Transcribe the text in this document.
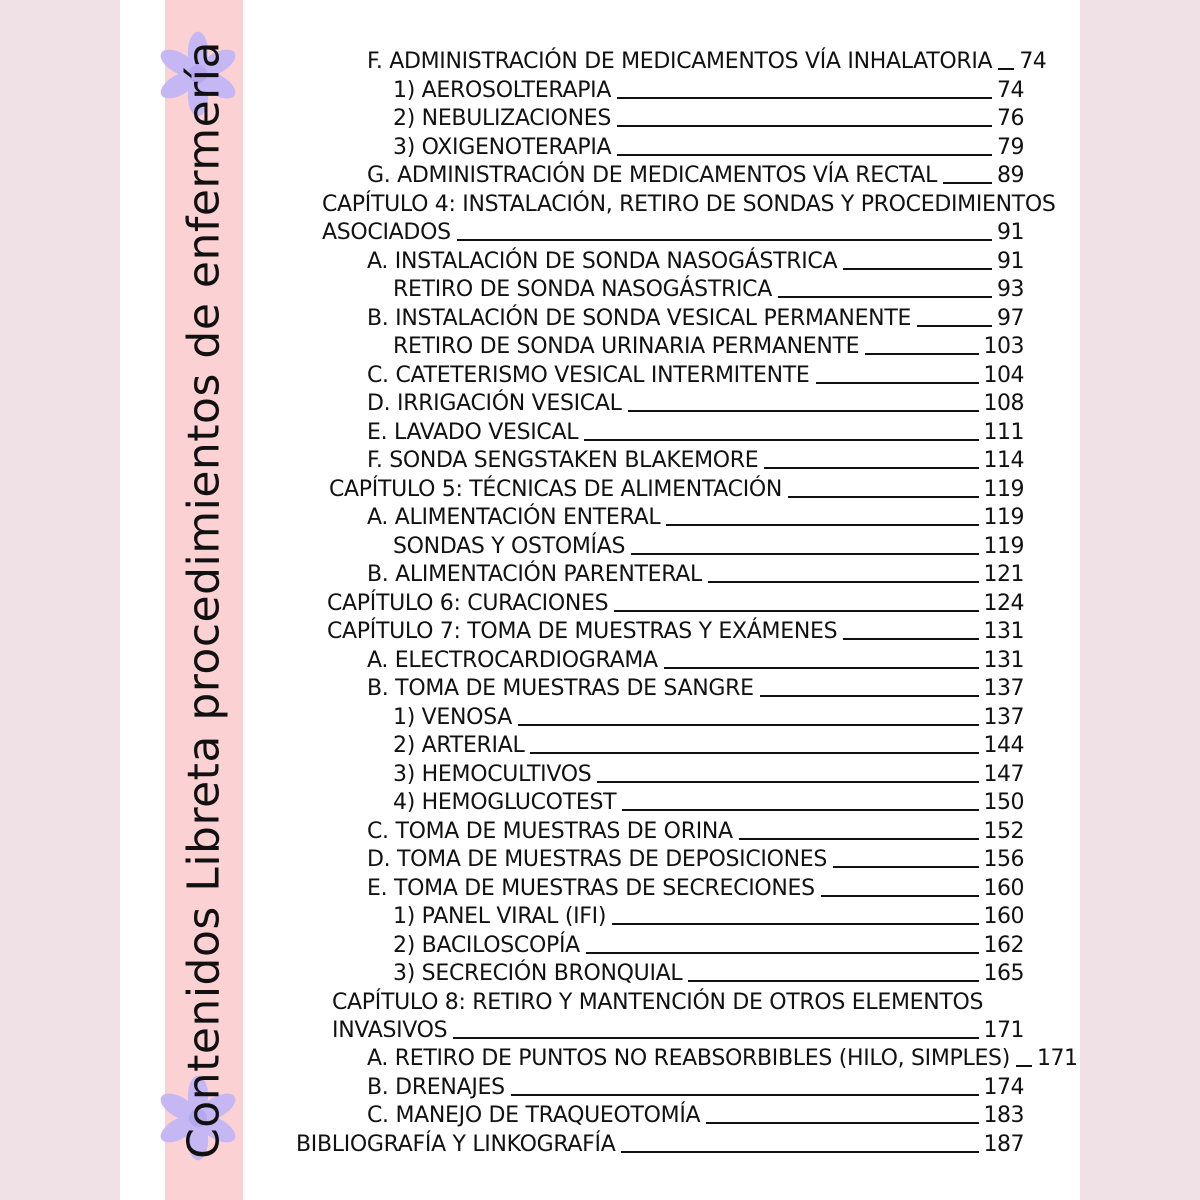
Contenidos Libreta procedimientos de enfermería	F. ADMINISTRACIÓN DE MEDICAMENTOS VÍA INHALATORIA 74
1) AEROSOLTERAPIA	74
2) NEBULIZACIONES	76
3) OXIGENOTERAPIA	79
G. ADMINISTRACIÓN DE MEDICAMENTOS VÍA RECTAL	89
CAPÍTULO 4: INSTALACIÓN, RETIRO DE SONDAS Y PROCEDIMIENTOS
ASOCIADOS	91
A. INSTALACIÓN DE SONDA NASOGÁSTRICA	91
RETIRO DE SONDA NASOGÁSTRICA	93
B. INSTALACIÓN DE SONDA VESICAL PERMANENTE	97
RETIRO DE SONDA URINARIA PERMANENTE	103
C. CATETERISMO VESICAL INTERMITENTE	104
D. IRRIGACIÓN VESICAL	108
E. LAVADO VESICAL	111
F. SONDA SENGSTAKEN BLAKEMORE	114
CAPÍTULO 5: TÉCNICAS DE ALIMENTACIÓN	119
A. ALIMENTACIÓN ENTERAL	119
SONDAS Y OSTOMÍAS	119
B. ALIMENTACIÓN PARENTERAL	121
CAPÍTULO 6: CURACIONES	124
CAPÍTULO 7: TOMA DE MUESTRAS Y EXÁMENES	131
A. ELECTROCARDIOGRAMA	131
B. TOMA DE MUESTRAS DE SANGRE	137
1) VENOSA	137
2) ARTERIAL	144
3) HEMOCULTIVOS	147
4) HEMOGLUCOTEST	150
C. TOMA DE MUESTRAS DE ORINA	152
D. TOMA DE MUESTRAS DE DEPOSICIONES	156
E. TOMA DE MUESTRAS DE SECRECIONES	160
1) PANEL VIRAL (IFI)	160
2) BACILOSCOPÍA	162
3) SECRECIÓN BRONQUIAL	165
CAPÍTULO 8: RETIRO Y MANTENCIÓN DE OTROS ELEMENTOS
INVASIVOS	171
A. RETIRO DE PUNTOS NO REABSORBIBLES (HILO, SIMPLES) 171
B. DRENAJES	174
C. MANEJO DE TRAQUEOTOMÍA	183
BIBLIOGRAFÍA Y LINKOGRAFÍA	187
